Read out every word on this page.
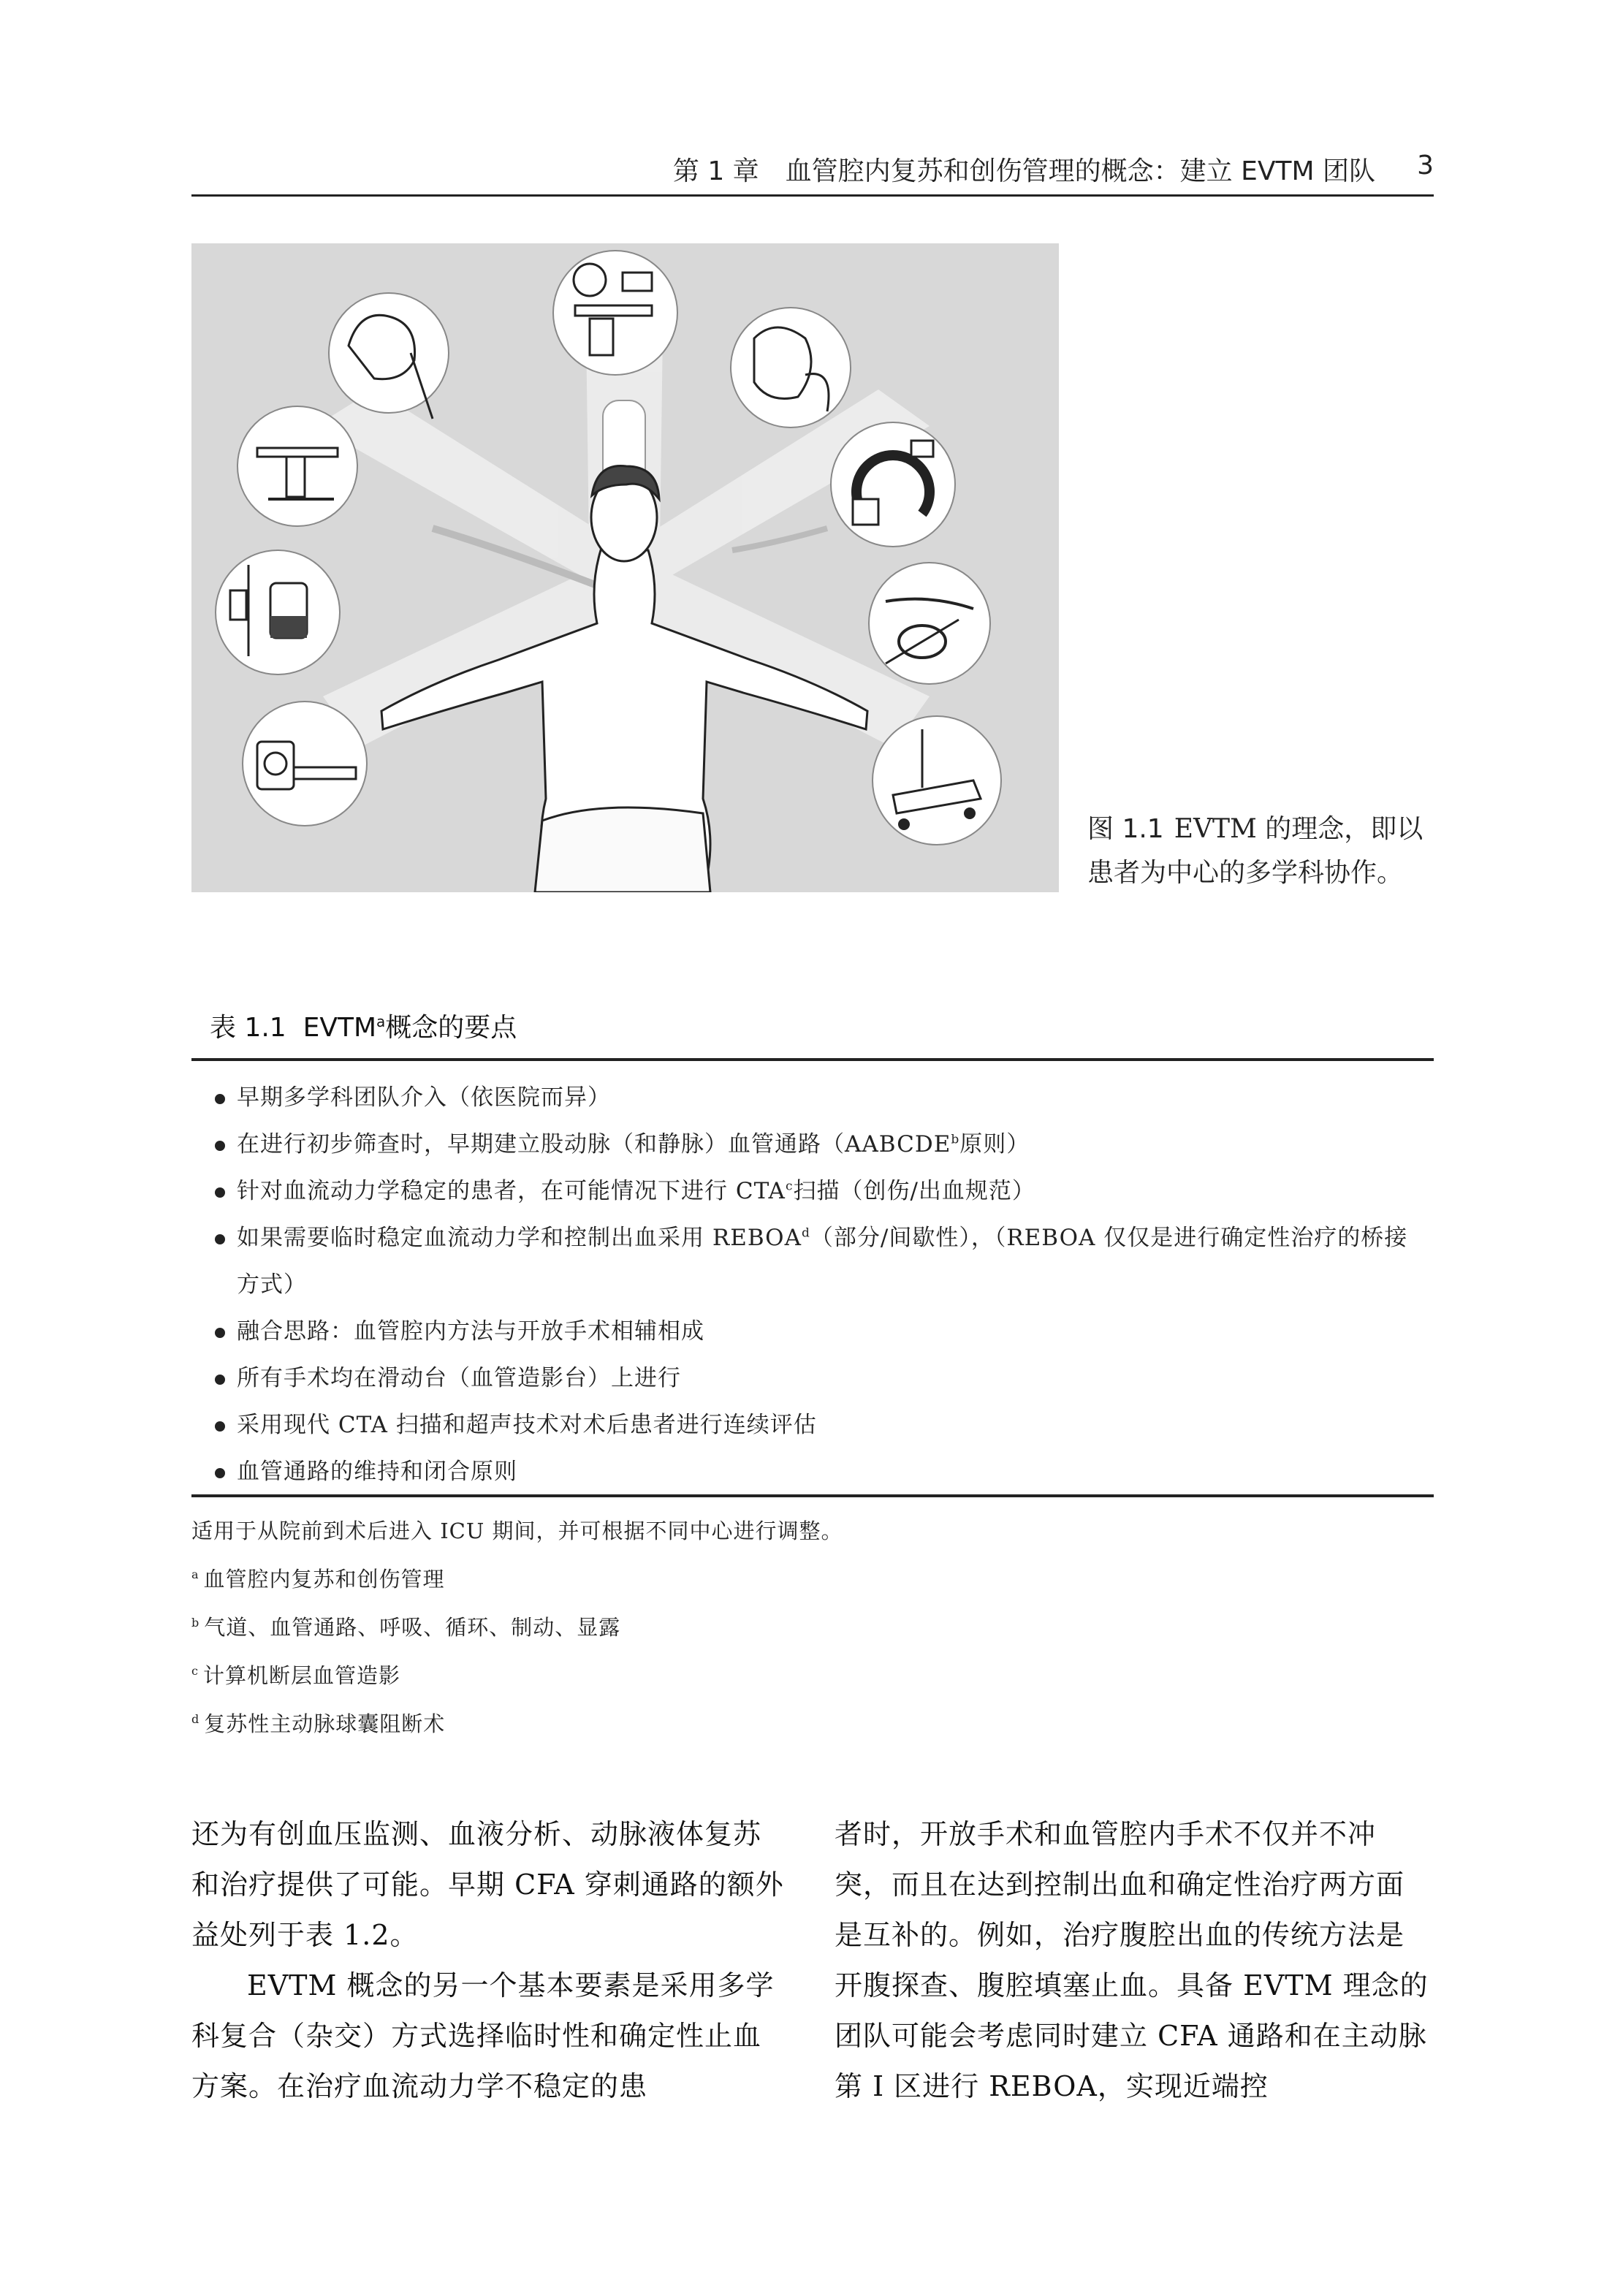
第 1 章　血管腔内复苏和创伤管理的概念：建立 EVTM 团队 3
图 1.1 EVTM 的理念，即以患者为中心的多学科协作。
表 1.1 EVTM$^a$概念的要点
早期多学科团队介入（依医院而异）
在进行初步筛查时，早期建立股动脉（和静脉）血管通路（AABCDE$^b$原则）
针对血流动力学稳定的患者，在可能情况下进行 CTA$^c$扫描（创伤/出血规范）
如果需要临时稳定血流动力学和控制出血采用 REBOA$^d$（部分/间歇性），（REBOA 仅仅是进行确定性治疗的桥接方式）
融合思路：血管腔内方法与开放手术相辅相成
所有手术均在滑动台（血管造影台）上进行
采用现代 CTA 扫描和超声技术对术后患者进行连续评估
血管通路的维持和闭合原则
适用于从院前到术后进入 ICU 期间，并可根据不同中心进行调整。
$^a$ 血管腔内复苏和创伤管理
$^b$ 气道、血管通路、呼吸、循环、制动、显露
$^c$ 计算机断层血管造影
$^d$ 复苏性主动脉球囊阻断术

还为有创血压监测、血液分析、动脉液体复苏和治疗提供了可能。早期 CFA 穿刺通路的额外益处列于表 1.2。

EVTM 概念的另一个基本要素是采用多学科复合（杂交）方式选择临时性和确定性止血方案。在治疗血流动力学不稳定的患

者时，开放手术和血管腔内手术不仅并不冲突，而且在达到控制出血和确定性治疗两方面是互补的。例如，治疗腹腔出血的传统方法是开腹探查、腹腔填塞止血。具备 EVTM 理念的团队可能会考虑同时建立 CFA 通路和在主动脉第 Ⅰ 区进行 REBOA，实现近端控
